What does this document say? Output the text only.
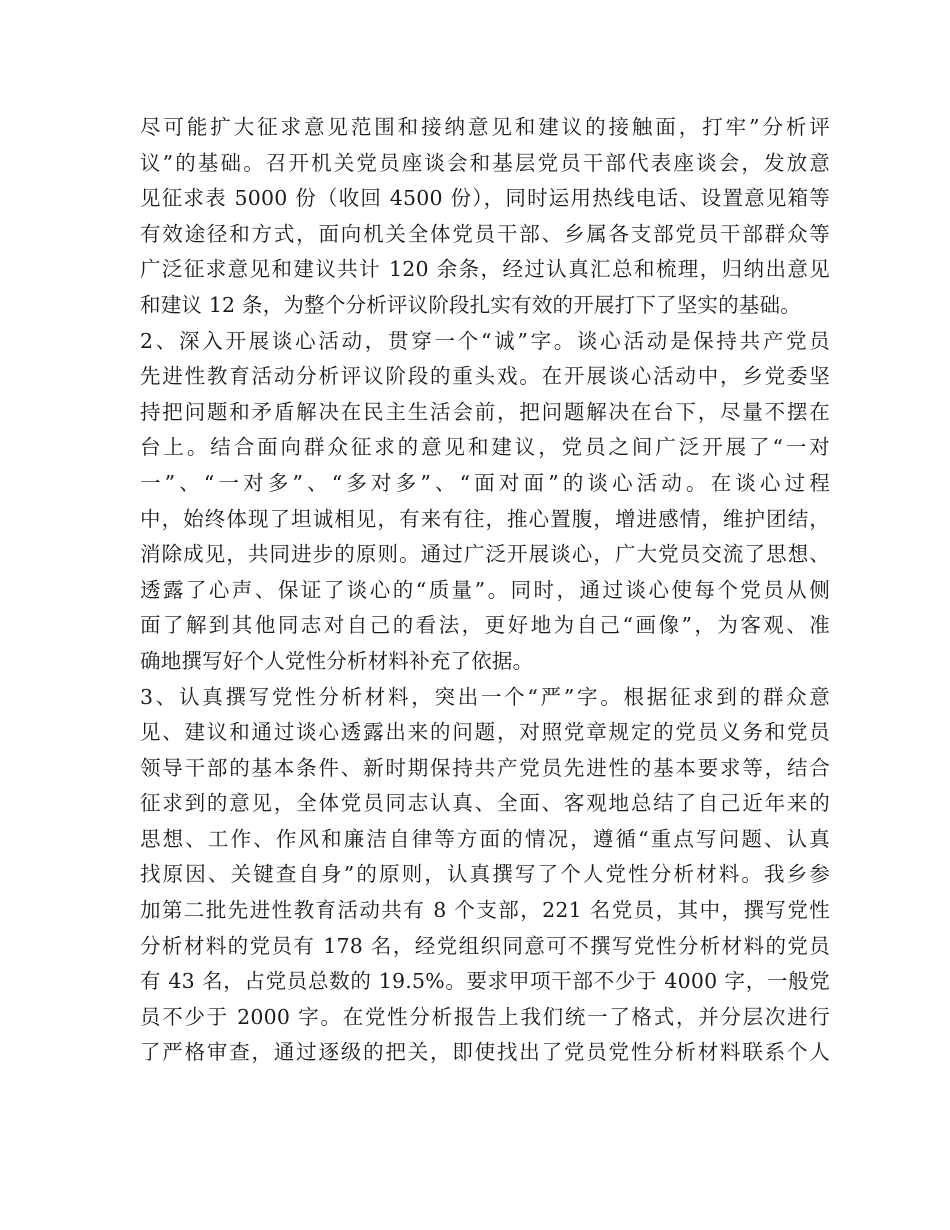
尽可能扩大征求意见范围和接纳意见和建议的接触面，打牢”分析评
议”的基础。召开机关党员座谈会和基层党员干部代表座谈会，发放意
见征求表 5000 份（收回 4500 份），同时运用热线电话、设置意见箱等
有效途径和方式，面向机关全体党员干部、乡属各支部党员干部群众等
广泛征求意见和建议共计 120 余条，经过认真汇总和梳理，归纳出意见
和建议 12 条，为整个分析评议阶段扎实有效的开展打下了坚实的基础。
2、深入开展谈心活动，贯穿一个“诚”字。谈心活动是保持共产党员
先进性教育活动分析评议阶段的重头戏。在开展谈心活动中，乡党委坚
持把问题和矛盾解决在民主生活会前，把问题解决在台下，尽量不摆在
台上。结合面向群众征求的意见和建议，党员之间广泛开展了“一对
一”、“一对多”、“多对多”、“面对面”的谈心活动。在谈心过程
中，始终体现了坦诚相见，有来有往，推心置腹，增进感情，维护团结，
消除成见，共同进步的原则。通过广泛开展谈心，广大党员交流了思想、
透露了心声、保证了谈心的“质量”。同时，通过谈心使每个党员从侧
面了解到其他同志对自己的看法，更好地为自己“画像”，为客观、准
确地撰写好个人党性分析材料补充了依据。
3、认真撰写党性分析材料，突出一个“严”字。根据征求到的群众意
见、建议和通过谈心透露出来的问题，对照党章规定的党员义务和党员
领导干部的基本条件、新时期保持共产党员先进性的基本要求等，结合
征求到的意见，全体党员同志认真、全面、客观地总结了自己近年来的
思想、工作、作风和廉洁自律等方面的情况，遵循“重点写问题、认真
找原因、关键查自身”的原则，认真撰写了个人党性分析材料。我乡参
加第二批先进性教育活动共有 8 个支部，221 名党员，其中，撰写党性
分析材料的党员有 178 名，经党组织同意可不撰写党性分析材料的党员
有 43 名，占党员总数的 19.5%。要求甲项干部不少于 4000 字，一般党
员不少于 2000 字。在党性分析报告上我们统一了格式，并分层次进行
了严格审查，通过逐级的把关，即使找出了党员党性分析材料联系个人
